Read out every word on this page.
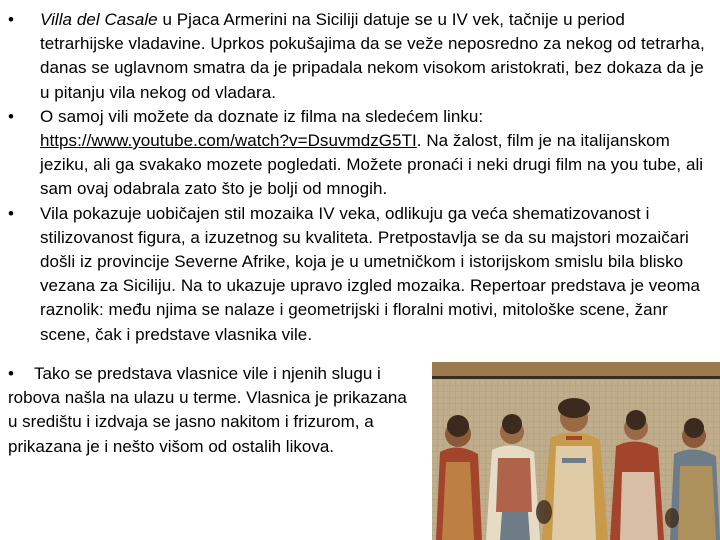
•	Villa del Casale u Pjaca Armerini na Siciliji datuje se u IV vek, tačnije u period tetrarhijske vladavine. Uprkos pokušajima da se veže neposredno za nekog od tetrarha, danas se uglavnom smatra da je pripadala nekom visokom aristokrati, bez dokaza da je u pitanju vila nekog od vladara.

•	O samoj vili možete da doznate iz filma na sledećem linku: https://www.youtube.com/watch?v=DsuvmdzG5TI. Na žalost, film je na italijanskom jeziku, ali ga svakako mozete pogledati. Možete pronaći i neki drugi film na you tube, ali sam ovaj odabrala zato što je bolji od mnogih.

•	Vila pokazuje uobičajen stil mozaika IV veka, odlikuju ga veća shematizovanost i stilizovanost figura, a izuzetnog su kvaliteta. Pretpostavlja se da su majstori mozaičari došli iz provincije Severne Afrike, koja je u umetničkom i istorijskom smislu bila blisko vezana za Siciliju. Na to ukazuje upravo izgled mozaika. Repertoar predstava je veoma raznolik: među njima se nalaze i geometrijski i floralni motivi, mitološke scene, žanr scene, čak i predstave vlasnika vile.

• Tako se predstava vlasnice vile i njenih slugu i
robova našla na ulazu u terme. Vlasnica je prikazana
u središtu i izdvaja se jasno nakitom i frizurom, a
prikazana je i nešto višom od ostalih likova.
